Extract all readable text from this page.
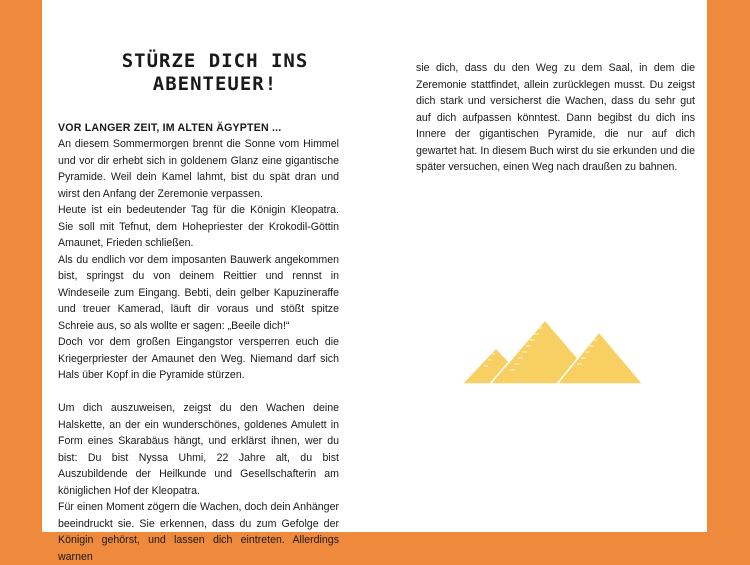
STÜRZE DICH INS
ABENTEUER!
VOR LANGER ZEIT, IM ALTEN ÄGYPTEN ...

An diesem Sommermorgen brennt die Sonne vom Himmel und vor dir erhebt sich in goldenem Glanz eine gigantische Pyramide. Weil dein Kamel lahmt, bist du spät dran und wirst den Anfang der Zeremonie verpassen.

Heute ist ein bedeutender Tag für die Königin Kleopatra. Sie soll mit Tefnut, dem Hohepriester der Krokodil-Göttin Amaunet, Frieden schließen.

Als du endlich vor dem imposanten Bauwerk angekommen bist, springst du von deinem Reittier und rennst in Windeseile zum Eingang. Bebti, dein gelber Kapuzineraffe und treuer Kamerad, läuft dir voraus und stößt spitze Schreie aus, so als wollte er sagen: „Beeile dich!“

Doch vor dem großen Eingangstor versperren euch die Kriegerpriester der Amaunet den Weg. Niemand darf sich Hals über Kopf in die Pyramide stürzen.

Um dich auszuweisen, zeigst du den Wachen deine Halskette, an der ein wunderschönes, goldenes Amulett in Form eines Skarabäus hängt, und erklärst ihnen, wer du bist: Du bist Nyssa Uhmi, 22 Jahre alt, du bist Auszubildende der Heilkunde und Gesellschafterin am königlichen Hof der Kleopatra.

Für einen Moment zögern die Wachen, doch dein Anhänger beeindruckt sie. Sie erkennen, dass du zum Gefolge der Königin gehörst, und lassen dich eintreten. Allerdings warnen

sie dich, dass du den Weg zu dem Saal, in dem die Zeremonie stattfindet, allein zurücklegen musst. Du zeigst dich stark und versicherst die Wachen, dass du sehr gut auf dich aufpassen könntest. Dann begibst du dich ins Innere der gigantischen Pyramide, die nur auf dich gewartet hat. In diesem Buch wirst du sie erkunden und die später versuchen, einen Weg nach draußen zu bahnen.
